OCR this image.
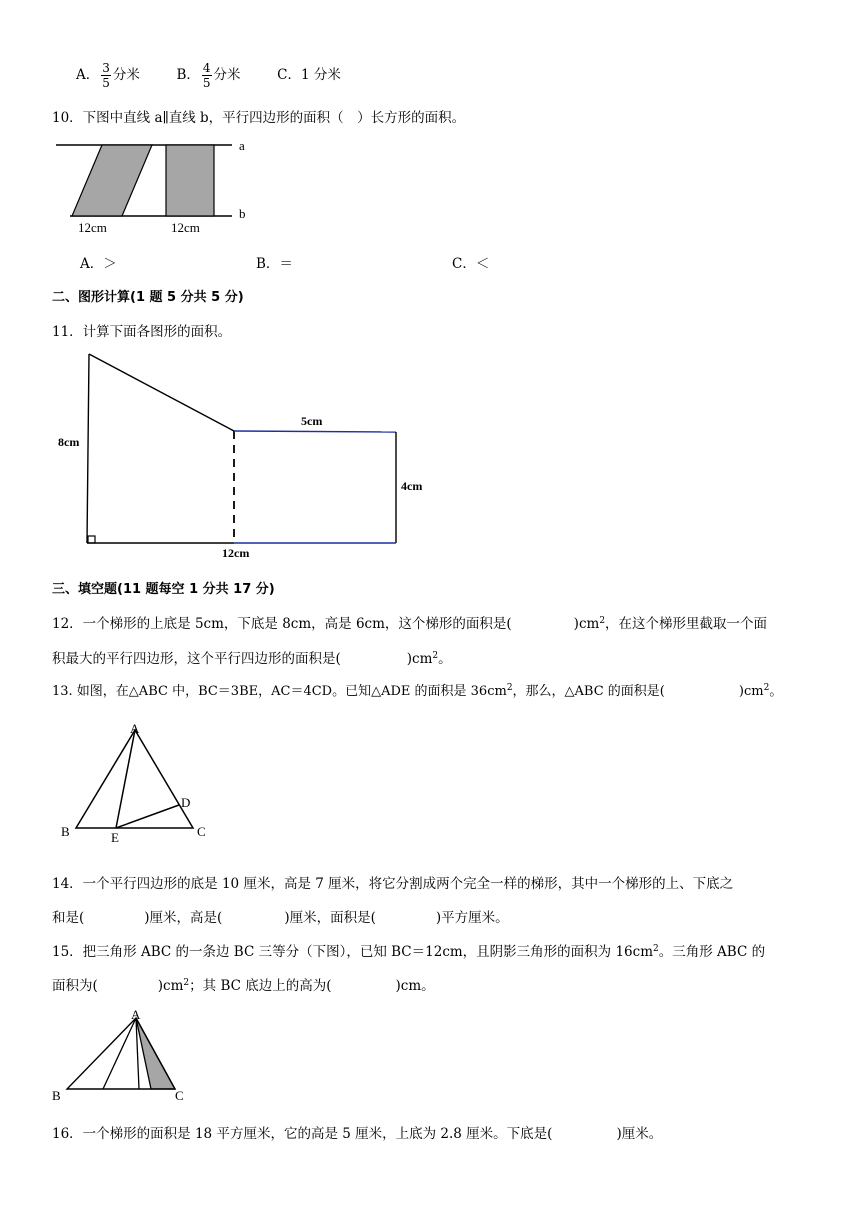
A． $\frac{3}{5}$ 分米	B． $\frac{4}{5}$ 分米	C．1 分米
10．下图中直线 a∥直线 b，平行四边形的面积（　）长方形的面积。
a
b
12cm	12cm
A．＞	B．＝	C．＜
二、图形计算(1 题 5 分共 5 分)
11．计算下面各图形的面积。
8cm
5cm
4cm
12cm
三、填空题(11 题每空 1 分共 17 分)
12．一个梯形的上底是 5cm，下底是 8cm，高是 6cm，这个梯形的面积是(	)$cm^2$，在这个梯形里截取一个面
积最大的平行四边形，这个平行四边形的面积是(	)$cm^2$。
13. 如图，在△ABC 中，BC＝3BE，AC＝4CD。已知△ADE 的面积是 $36cm^2$，那么，△ABC 的面积是(	)$cm^2$。
A
B	C
D
E
14．一个平行四边形的底是 10 厘米，高是 7 厘米，将它分割成两个完全一样的梯形，其中一个梯形的上、下底之
和是(	)厘米，高是(	)厘米，面积是(	)平方厘米。
15．把三角形 ABC 的一条边 BC 三等分（下图），已知 BC＝12cm，且阴影三角形的面积为 $16cm^2$。三角形 ABC 的
面积为(	)$cm^2$；其 BC 底边上的高为(	)cm。
A
B	C
16．一个梯形的面积是 18 平方厘米，它的高是 5 厘米，上底为 2.8 厘米。下底是(	)厘米。
